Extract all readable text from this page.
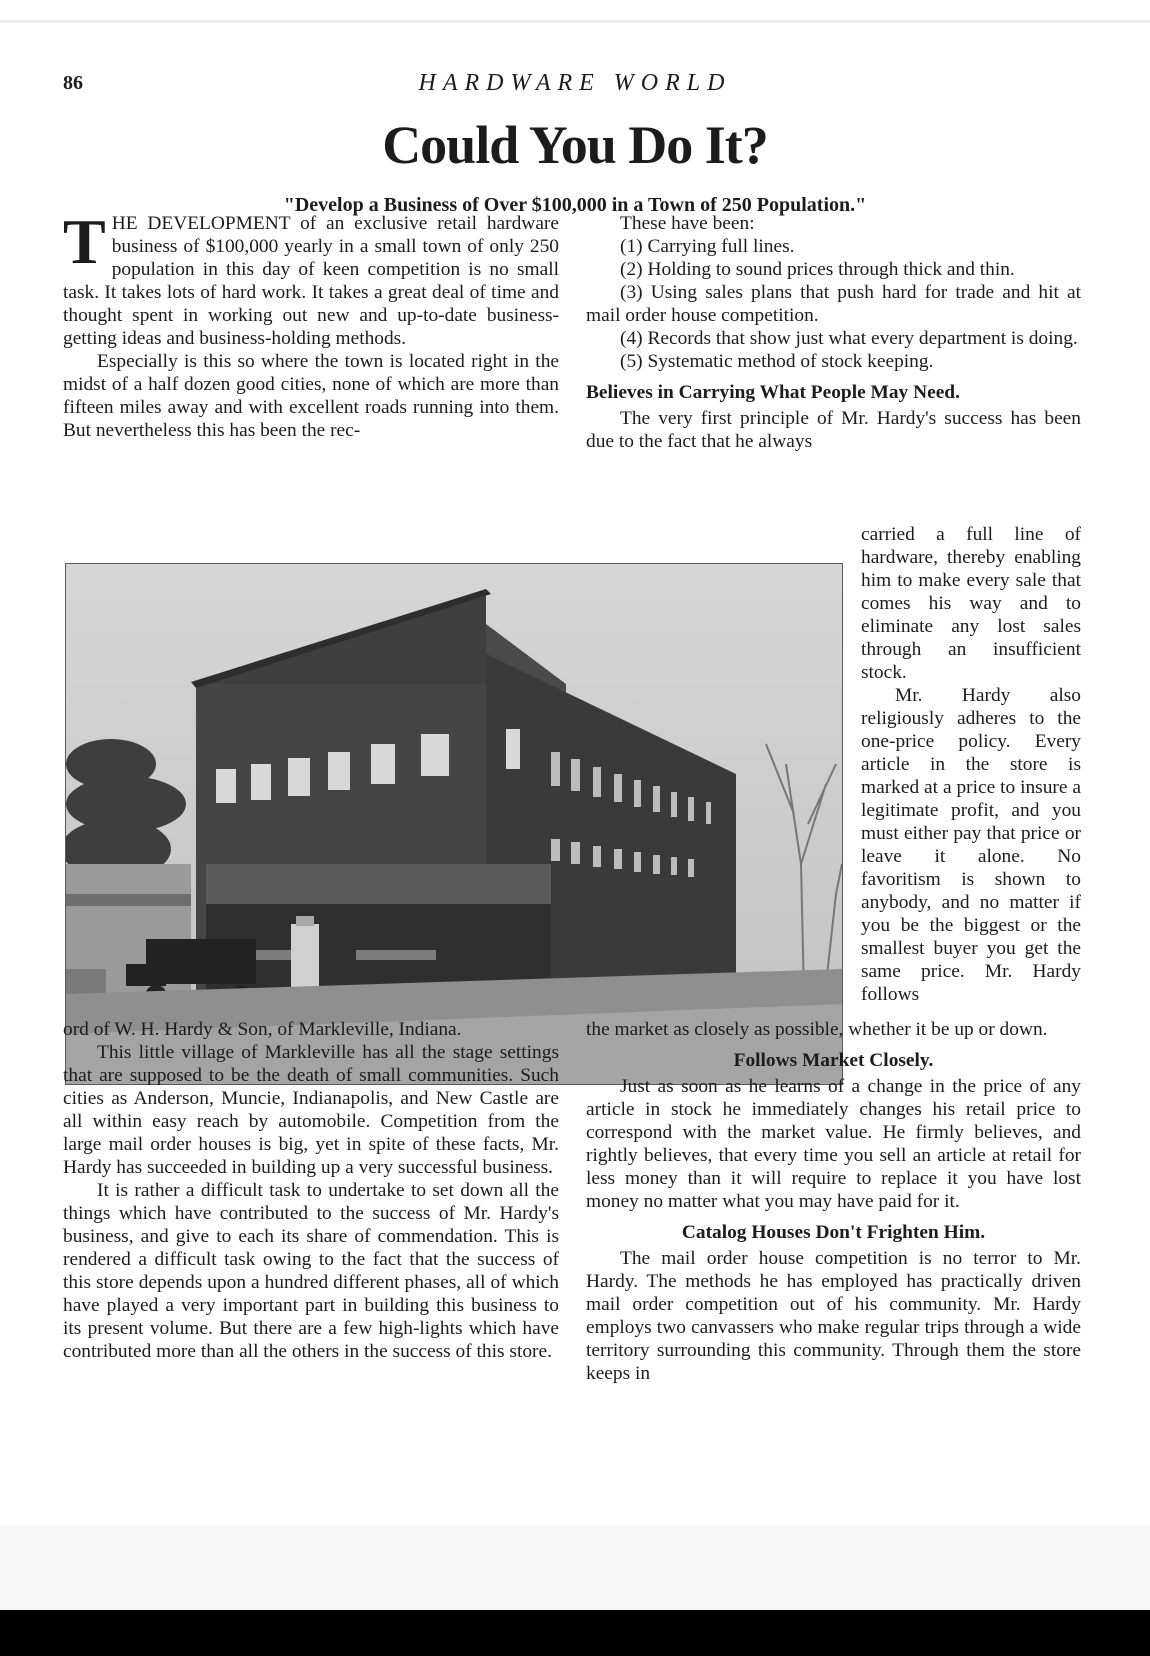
86	HARDWARE WORLD
Could You Do It?
"Develop a Business of Over $100,000 in a Town of 250 Population."

THE DEVELOPMENT of an exclusive retail hardware business of $100,000 yearly in a small town of only 250 population in this day of keen competition is no small task. It takes lots of hard work. It takes a great deal of time and thought spent in working out new and up-to-date business-getting ideas and business-holding methods.

Especially is this so where the town is located right in the midst of a half dozen good cities, none of which are more than fifteen miles away and with excellent roads running into them. But nevertheless this has been the rec-

These have been:

(1) Carrying full lines.

(2) Holding to sound prices through thick and thin.

(3) Using sales plans that push hard for trade and hit at mail order house competition.

(4) Records that show just what every department is doing.

(5) Systematic method of stock keeping.

Believes in Carrying What People May Need.

The very first principle of Mr. Hardy's success has been due to the fact that he always

carried a full line of hardware, thereby enabling him to make every sale that comes his way and to eliminate any lost sales through an insufficient stock.

Mr. Hardy also religiously adheres to the one-price policy. Every article in the store is marked at a price to insure a legitimate profit, and you must either pay that price or leave it alone. No favoritism is shown to anybody, and no matter if you be the biggest or the smallest buyer you get the same price. Mr. Hardy follows

ord of W. H. Hardy & Son, of Markleville, Indiana.

This little village of Markleville has all the stage settings that are supposed to be the death of small communities. Such cities as Anderson, Muncie, Indianapolis, and New Castle are all within easy reach by automobile. Competition from the large mail order houses is big, yet in spite of these facts, Mr. Hardy has succeeded in building up a very successful business.

It is rather a difficult task to undertake to set down all the things which have contributed to the success of Mr. Hardy's business, and give to each its share of commendation. This is rendered a difficult task owing to the fact that the success of this store depends upon a hundred different phases, all of which have played a very important part in building this business to its present volume. But there are a few high-lights which have contributed more than all the others in the success of this store.

the market as closely as possible, whether it be up or down.

Follows Market Closely.

Just as soon as he learns of a change in the price of any article in stock he immediately changes his retail price to correspond with the market value. He firmly believes, and rightly believes, that every time you sell an article at retail for less money than it will require to replace it you have lost money no matter what you may have paid for it.

Catalog Houses Don't Frighten Him.

The mail order house competition is no terror to Mr. Hardy. The methods he has employed has practically driven mail order competition out of his community. Mr. Hardy employs two canvassers who make regular trips through a wide territory surrounding this community. Through them the store keeps in
